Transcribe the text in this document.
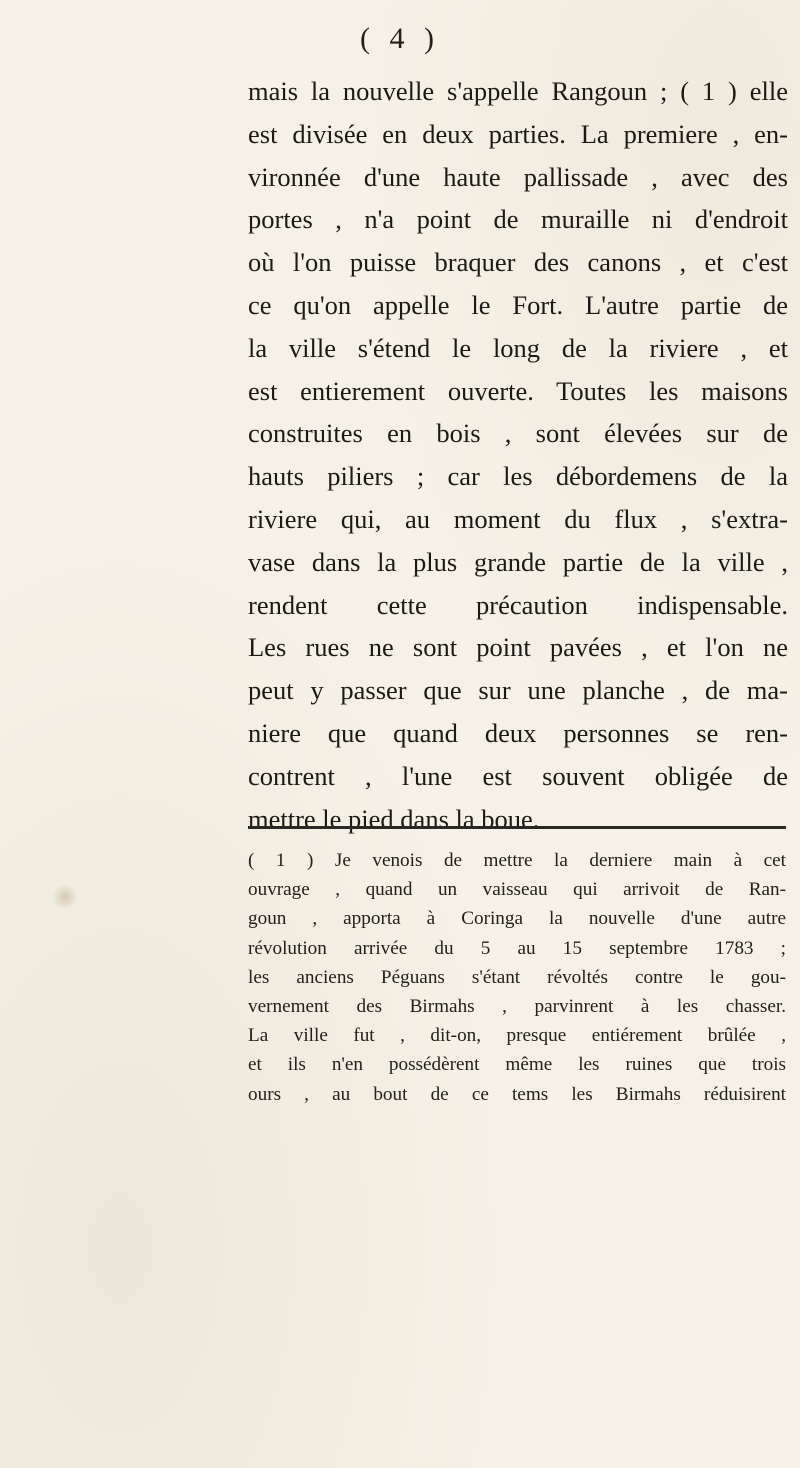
( 4 )
mais la nouvelle s'appelle Rangoun ; ( 1 ) elle
est divisée en deux parties. La premiere , en-
vironnée d'une haute pallissade , avec des
portes , n'a point de muraille ni d'endroit
où l'on puisse braquer des canons , et c'est
ce qu'on appelle le Fort. L'autre partie de
la ville s'étend le long de la riviere , et
est entierement ouverte. Toutes les maisons
construites en bois , sont élevées sur de
hauts piliers ; car les débordemens de la
riviere qui, au moment du flux , s'extra-
vase dans la plus grande partie de la ville ,
rendent cette précaution indispensable.
Les rues ne sont point pavées , et l'on ne
peut y passer que sur une planche , de ma-
niere que quand deux personnes se ren-
contrent , l'une est souvent obligée de
mettre le pied dans la boue.
( 1 ) Je venois de mettre la derniere main à cet
ouvrage , quand un vaisseau qui arrivoit de Ran-
goun , apporta à Coringa la nouvelle d'une autre
révolution arrivée du 5 au 15 septembre 1783 ;
les anciens Péguans s'étant révoltés contre le gou-
vernement des Birmahs , parvinrent à les chasser.
La ville fut , dit-on, presque entiérement brûlée ,
et ils n'en possédèrent même les ruines que trois
ours , au bout de ce tems les Birmahs réduisirent
